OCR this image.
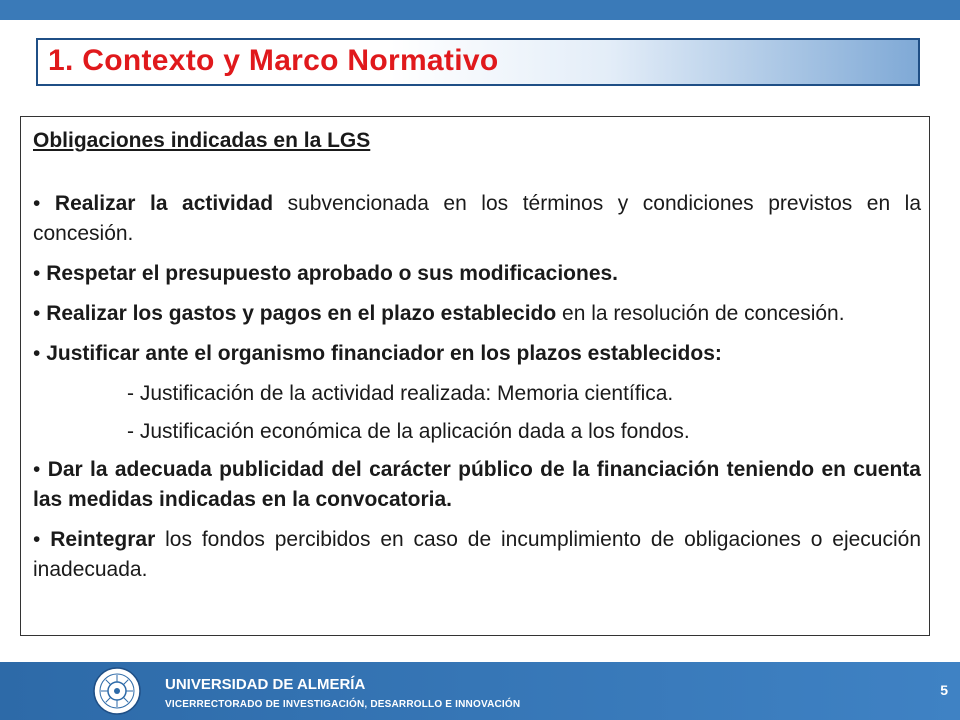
1. Contexto y Marco Normativo
Obligaciones indicadas en la LGS

• Realizar la actividad subvencionada en los términos y condiciones previstos en la concesión.

• Respetar el presupuesto aprobado o sus modificaciones.

• Realizar los gastos y pagos en el plazo establecido en la resolución de concesión.

• Justificar ante el organismo financiador en los plazos establecidos:

- Justificación de la actividad realizada: Memoria científica.
- Justificación económica de la aplicación dada a los fondos.

• Dar la adecuada publicidad del carácter público de la financiación teniendo en cuenta las medidas indicadas en la convocatoria.

• Reintegrar los fondos percibidos en caso de incumplimiento de obligaciones o ejecución inadecuada.

UNIVERSIDAD DE ALMERÍA
VICERRECTORADO DE INVESTIGACIÓN, DESARROLLO E INNOVACIÓN
5
